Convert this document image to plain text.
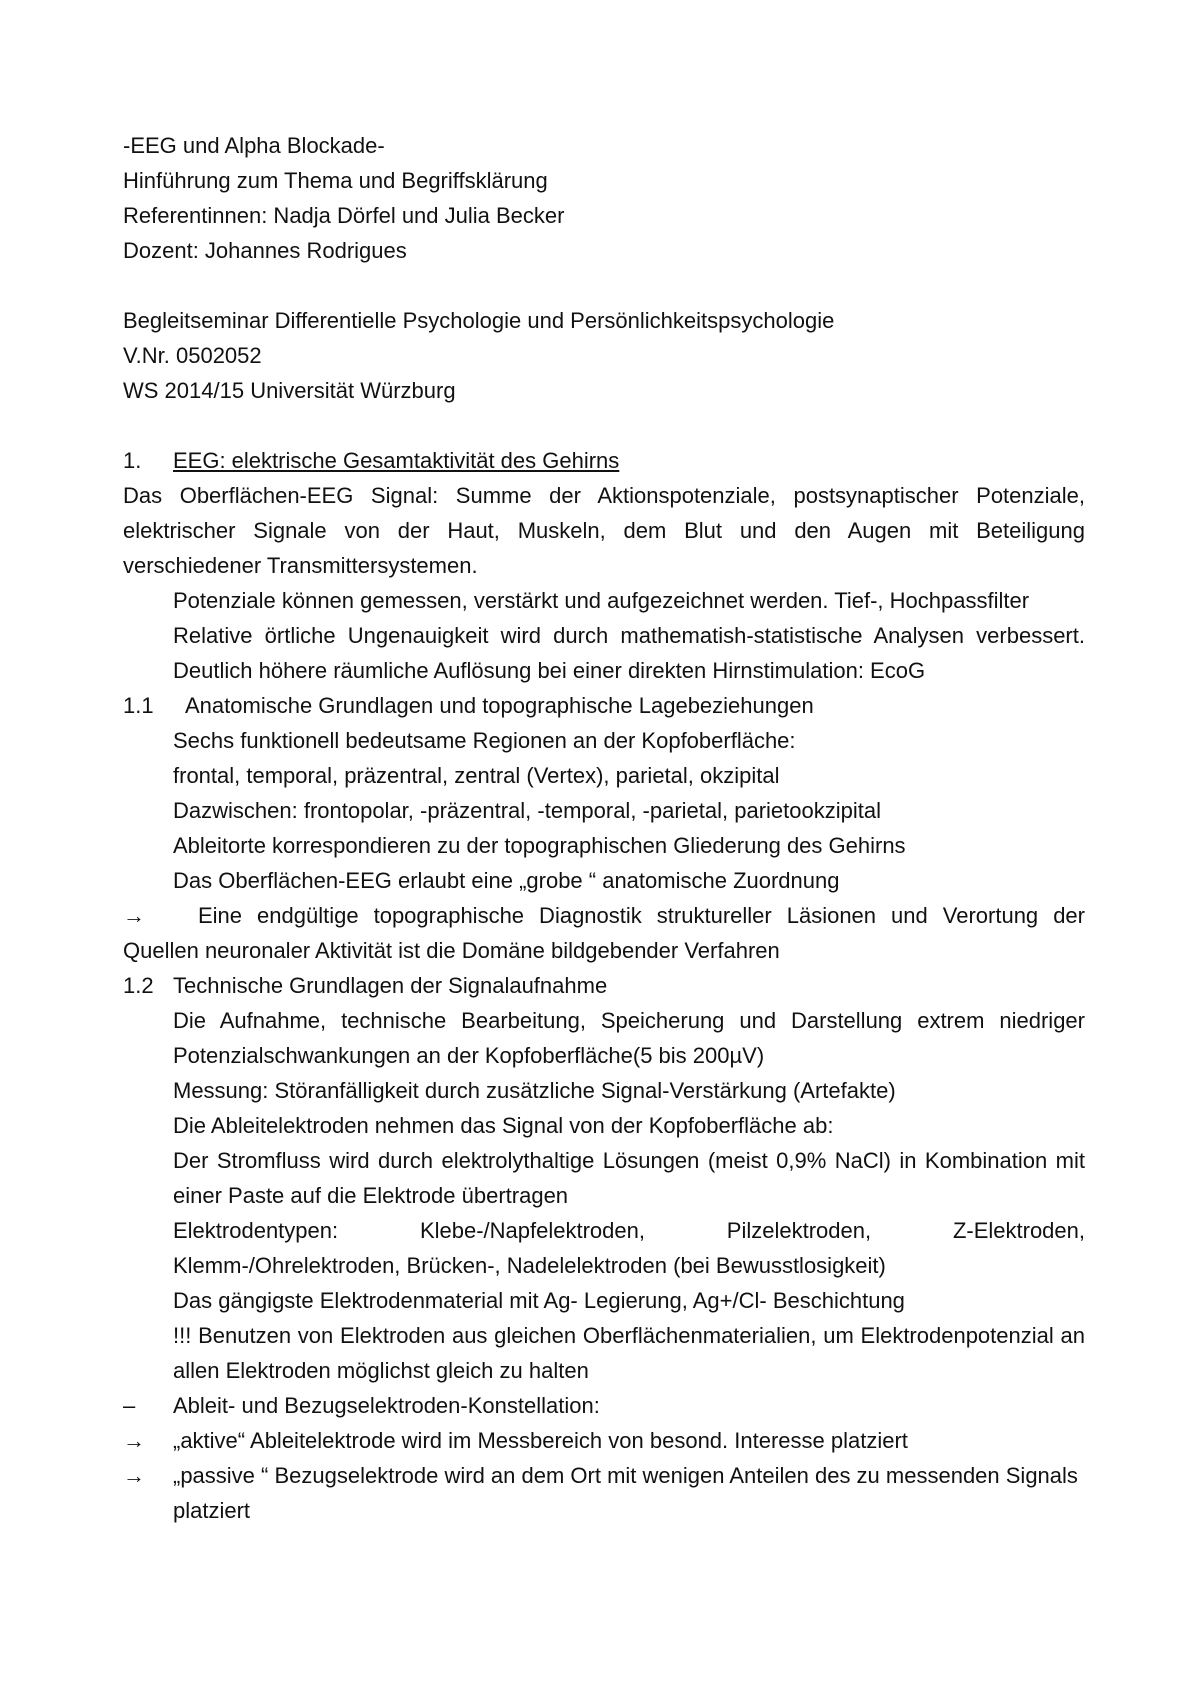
-EEG und Alpha Blockade-
Hinführung zum Thema und Begriffsklärung
Referentinnen: Nadja Dörfel und Julia Becker
Dozent: Johannes Rodrigues
Begleitseminar Differentielle Psychologie und Persönlichkeitspsychologie
V.Nr. 0502052
WS 2014/15 Universität Würzburg
1. EEG: elektrische Gesamtaktivität des Gehirns
Das Oberflächen-EEG Signal: Summe der Aktionspotenziale, postsynaptischer Potenziale, elektrischer Signale von der Haut, Muskeln, dem Blut und den Augen mit Beteiligung verschiedener Transmittersystemen.
Potenziale können gemessen, verstärkt und aufgezeichnet werden. Tief-, Hochpassfilter
Relative örtliche Ungenauigkeit wird durch mathematish-statistische Analysen verbessert. Deutlich höhere räumliche Auflösung bei einer direkten Hirnstimulation: EcoG
1.1 Anatomische Grundlagen und topographische Lagebeziehungen
Sechs funktionell bedeutsame Regionen an der Kopfoberfläche:
frontal, temporal, präzentral, zentral (Vertex), parietal, okzipital
Dazwischen: frontopolar, -präzentral, -temporal, -parietal, parietookzipital
Ableitorte korrespondieren zu der topographischen Gliederung des Gehirns
Das Oberflächen-EEG erlaubt eine „grobe “ anatomische Zuordnung
→ Eine endgültige topographische Diagnostik struktureller Läsionen und Verortung der Quellen neuronaler Aktivität ist die Domäne bildgebender Verfahren
1.2 Technische Grundlagen der Signalaufnahme
Die Aufnahme, technische Bearbeitung, Speicherung und Darstellung extrem niedriger Potenzialschwankungen an der Kopfoberfläche(5 bis 200µV)
Messung: Störanfälligkeit durch zusätzliche Signal-Verstärkung (Artefakte)
Die Ableitelektroden nehmen das Signal von der Kopfoberfläche ab:
Der Stromfluss wird durch elektrolythaltige Lösungen (meist 0,9% NaCl) in Kombination mit einer Paste auf die Elektrode übertragen
Elektrodentypen: Klebe-/Napfelektroden, Pilzelektroden, Z-Elektroden, Klemm-/Ohrelektroden, Brücken-, Nadelelektroden (bei Bewusstlosigkeit)
Das gängigste Elektrodenmaterial mit Ag- Legierung, Ag+/Cl- Beschichtung
!!! Benutzen von Elektroden aus gleichen Oberflächenmaterialien, um Elektrodenpotenzial an allen Elektroden möglichst gleich zu halten
–	Ableit- und Bezugselektroden-Konstellation:
→	„aktive“ Ableitelektrode wird im Messbereich von besond. Interesse platziert
→	„passive “ Bezugselektrode wird an dem Ort mit wenigen Anteilen des zu messenden Signals platziert
